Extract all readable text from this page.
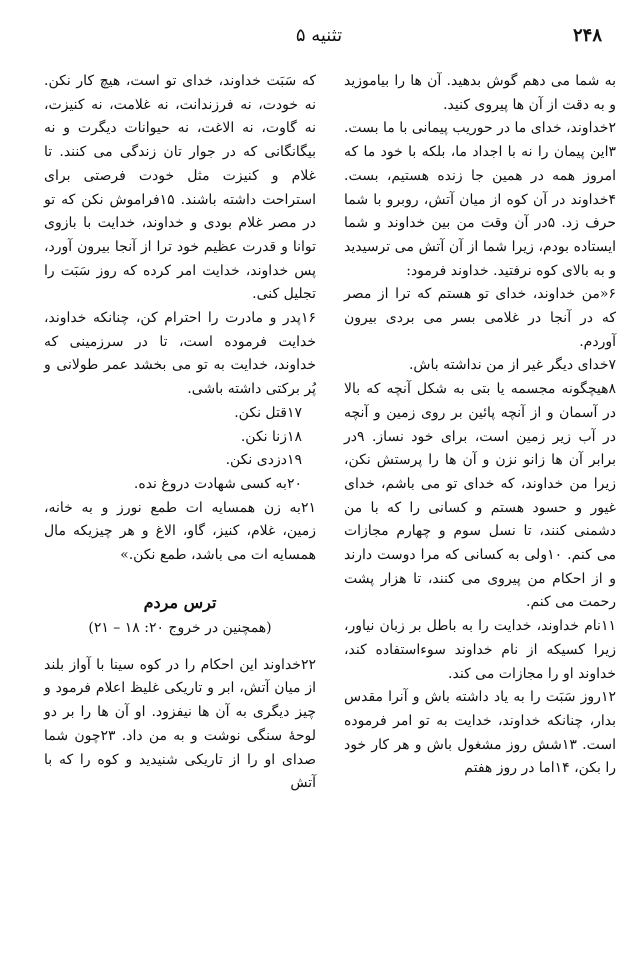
۲۴۸
تثنیه ۵

به شما می دهم گوش بدهید. آن ها را بیاموزید و به دقت از آن ها پیروی کنید.

۲خداوند، خدای ما در حوریب پیمانی با ما بست. ۳این پیمان را نه با اجداد ما، بلکه با خود ما که امروز همه در همین جا زنده هستیم، بست. ۴خداوند در آن کوه از میان آتش، روبرو با شما حرف زد. ۵در آن وقت من بین خداوند و شما ایستاده بودم، زیرا شما از آن آتش می ترسیدید و به بالای کوه نرفتید. خداوند فرمود:

۶«من خداوند، خدای تو هستم که ترا از مصر که در آنجا در غلامی بسر می بردی بیرون آوردم.

۷خدای دیگر غیر از من نداشته باش.

۸هیچگونه مجسمه یا بتی به شکل آنچه که بالا در آسمان و از آنچه پائین بر روی زمین و آنچه در آب زیر زمین است، برای خود نساز. ۹در برابر آن ها زانو نزن و آن ها را پرستش نکن، زیرا من خداوند، که خدای تو می باشم، خدای غیور و حسود هستم و کسانی را که با من دشمنی کنند، تا نسل سوم و چهارم مجازات می کنم. ۱۰ولی به کسانی که مرا دوست دارند و از احکام من پیروی می کنند، تا هزار پشت رحمت می کنم.

۱۱نام خداوند، خدایت را به باطل بر زبان نیاور، زیرا کسیکه از نام خداوند سوءاستفاده کند، خداوند او را مجازات می کند.

۱۲روز سَبَت را به یاد داشته باش و آنرا مقدس بدار، چنانکه خداوند، خدایت به تو امر فرموده است. ۱۳شش روز مشغول باش و هر کار خود را بکن، ۱۴اما در روز هفتم

که سَبَت خداوند، خدای تو است، هیچ کار نکن. نه خودت، نه فرزندانت، نه غلامت، نه کنیزت، نه گاوت، نه الاغت، نه حیوانات دیگرت و نه بیگانگانی که در جوار تان زندگی می کنند. تا غلام و کنیزت مثل خودت فرصتی برای استراحت داشته باشند. ۱۵فراموش نکن که تو در مصر غلام بودی و خداوند، خدایت با بازوی توانا و قدرت عظیم خود ترا از آنجا بیرون آورد، پس خداوند، خدایت امر کرده که روز سَبَت را تجلیل کنی.

۱۶پدر و مادرت را احترام کن، چنانکه خداوند، خدایت فرموده است، تا در سرزمینی که خداوند، خدایت به تو می بخشد عمر طولانی و پُر برکتی داشته باشی.

۱۷قتل نکن.

۱۸زنا نکن.

۱۹دزدی نکن.

۲۰به کسی شهادت دروغ نده.

۲۱به زن همسایه ات طمع نورز و به خانه، زمین، غلام، کنیز، گاو، الاغ و هر چیزیکه مال همسایه ات می باشد، طمع نکن.»

ترس مردم

(همچنین در خروج ۲۰: ۱۸ – ۲۱)

۲۲خداوند این احکام را در کوه سینا با آواز بلند از میان آتش، ابر و تاریکی غلیظ اعلام فرمود و چیز دیگری به آن ها نیفزود. او آن ها را بر دو لوحهٔ سنگی نوشت و به من داد. ۲۳چون شما صدای او را از تاریکی شنیدید و کوه را که با آتش
